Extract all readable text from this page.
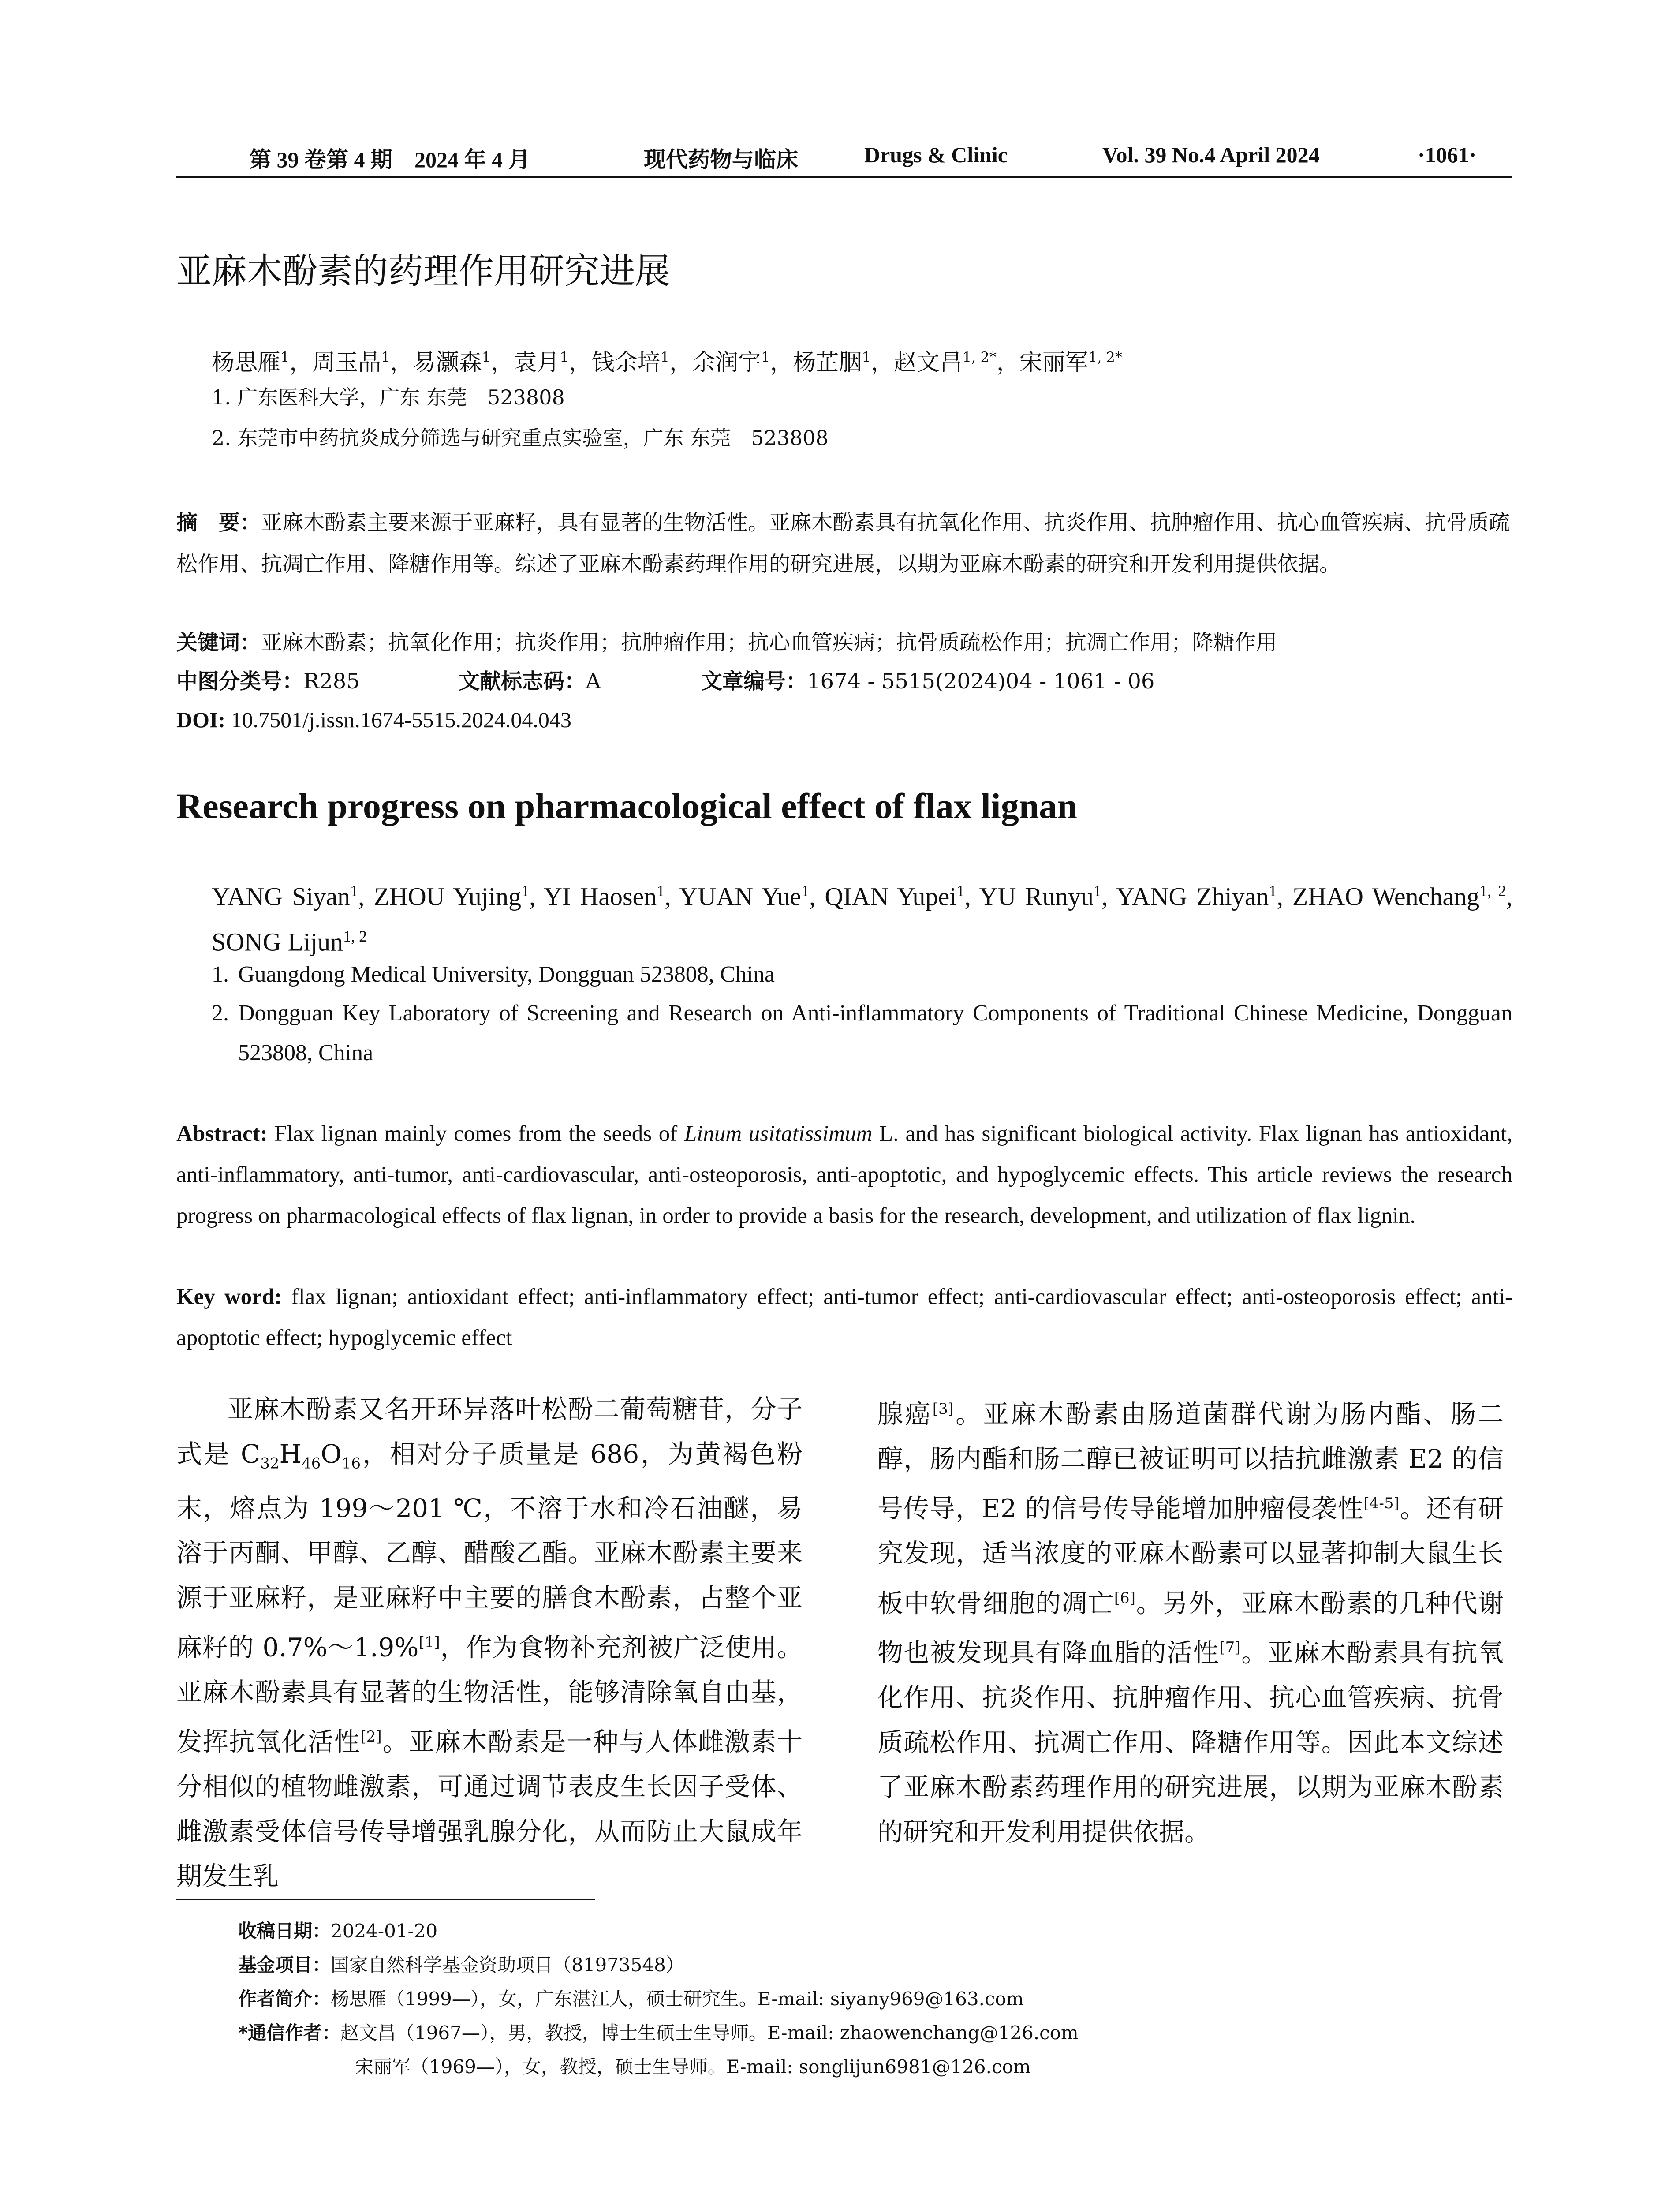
第 39 卷第 4 期　2024 年 4 月	现代药物与临床	Drugs & Clinic	Vol. 39 No.4 April 2024	·1061·
亚麻木酚素的药理作用研究进展
杨思雁$^1$，周玉晶$^1$，易灏森$^1$，袁月$^1$，钱余培$^1$，余润宇$^1$，杨芷胭$^1$，赵文昌$^{1, 2*}$，宋丽军$^{1, 2*}$
1. 广东医科大学，广东 东莞　523808
2. 东莞市中药抗炎成分筛选与研究重点实验室，广东 东莞　523808
摘　要：亚麻木酚素主要来源于亚麻籽，具有显著的生物活性。亚麻木酚素具有抗氧化作用、抗炎作用、抗肿瘤作用、抗心血管疾病、抗骨质疏松作用、抗凋亡作用、降糖作用等。综述了亚麻木酚素药理作用的研究进展，以期为亚麻木酚素的研究和开发利用提供依据。
关键词：亚麻木酚素；抗氧化作用；抗炎作用；抗肿瘤作用；抗心血管疾病；抗骨质疏松作用；抗凋亡作用；降糖作用
中图分类号： R285	文献标志码： A	文章编号： 1674 - 5515(2024)04 - 1061 - 06
DOI: 10.7501/j.issn.1674-5515.2024.04.043
Research progress on pharmacological effect of flax lignan
YANG Siyan$^1$, ZHOU Yujing$^1$, YI Haosen$^1$, YUAN Yue$^1$, QIAN Yupei$^1$, YU Runyu$^1$, YANG Zhiyan$^1$, ZHAO Wenchang$^{1, 2}$, SONG Lijun$^{1, 2}$
1. Guangdong Medical University, Dongguan 523808, China
2. Dongguan Key Laboratory of Screening and Research on Anti-inflammatory Components of Traditional Chinese Medicine, Dongguan 523808, China
Abstract: Flax lignan mainly comes from the seeds of Linum usitatissimum L. and has significant biological activity. Flax lignan has antioxidant, anti-inflammatory, anti-tumor, anti-cardiovascular, anti-osteoporosis, anti-apoptotic, and hypoglycemic effects. This article reviews the research progress on pharmacological effects of flax lignan, in order to provide a basis for the research, development, and utilization of flax lignin.
Key word: flax lignan; antioxidant effect; anti-inflammatory effect; anti-tumor effect; anti-cardiovascular effect; anti-osteoporosis effect; anti-apoptotic effect; hypoglycemic effect

亚麻木酚素又名开环异落叶松酚二葡萄糖苷，分子式是 $C_{32}H_{46}O_{16}$，相对分子质量是 686，为黄褐色粉末，熔点为 199～201 ℃，不溶于水和冷石油醚，易溶于丙酮、甲醇、乙醇、醋酸乙酯。亚麻木酚素主要来源于亚麻籽，是亚麻籽中主要的膳食木酚素，占整个亚麻籽的 0.7%～1.9%[1]，作为食物补充剂被广泛使用。亚麻木酚素具有显著的生物活性，能够清除氧自由基，发挥抗氧化活性[2]。亚麻木酚素是一种与人体雌激素十分相似的植物雌激素，可通过调节表皮生长因子受体、雌激素受体信号传导增强乳腺分化，从而防止大鼠成年期发生乳

腺癌[3]。亚麻木酚素由肠道菌群代谢为肠内酯、肠二醇，肠内酯和肠二醇已被证明可以拮抗雌激素 E2 的信号传导，E2 的信号传导能增加肿瘤侵袭性[4-5]。还有研究发现，适当浓度的亚麻木酚素可以显著抑制大鼠生长板中软骨细胞的凋亡[6]。另外，亚麻木酚素的几种代谢物也被发现具有降血脂的活性[7]。亚麻木酚素具有抗氧化作用、抗炎作用、抗肿瘤作用、抗心血管疾病、抗骨质疏松作用、抗凋亡作用、降糖作用等。因此本文综述了亚麻木酚素药理作用的研究进展，以期为亚麻木酚素的研究和开发利用提供依据。

收稿日期：2024-01-20
基金项目：国家自然科学基金资助项目（81973548）
作者简介：杨思雁（1999—），女，广东湛江人，硕士研究生。E-mail: siyany969@163.com
*通信作者：赵文昌（1967—），男，教授，博士生硕士生导师。E-mail: zhaowenchang@126.com
宋丽军（1969—），女，教授，硕士生导师。E-mail: songlijun6981@126.com
